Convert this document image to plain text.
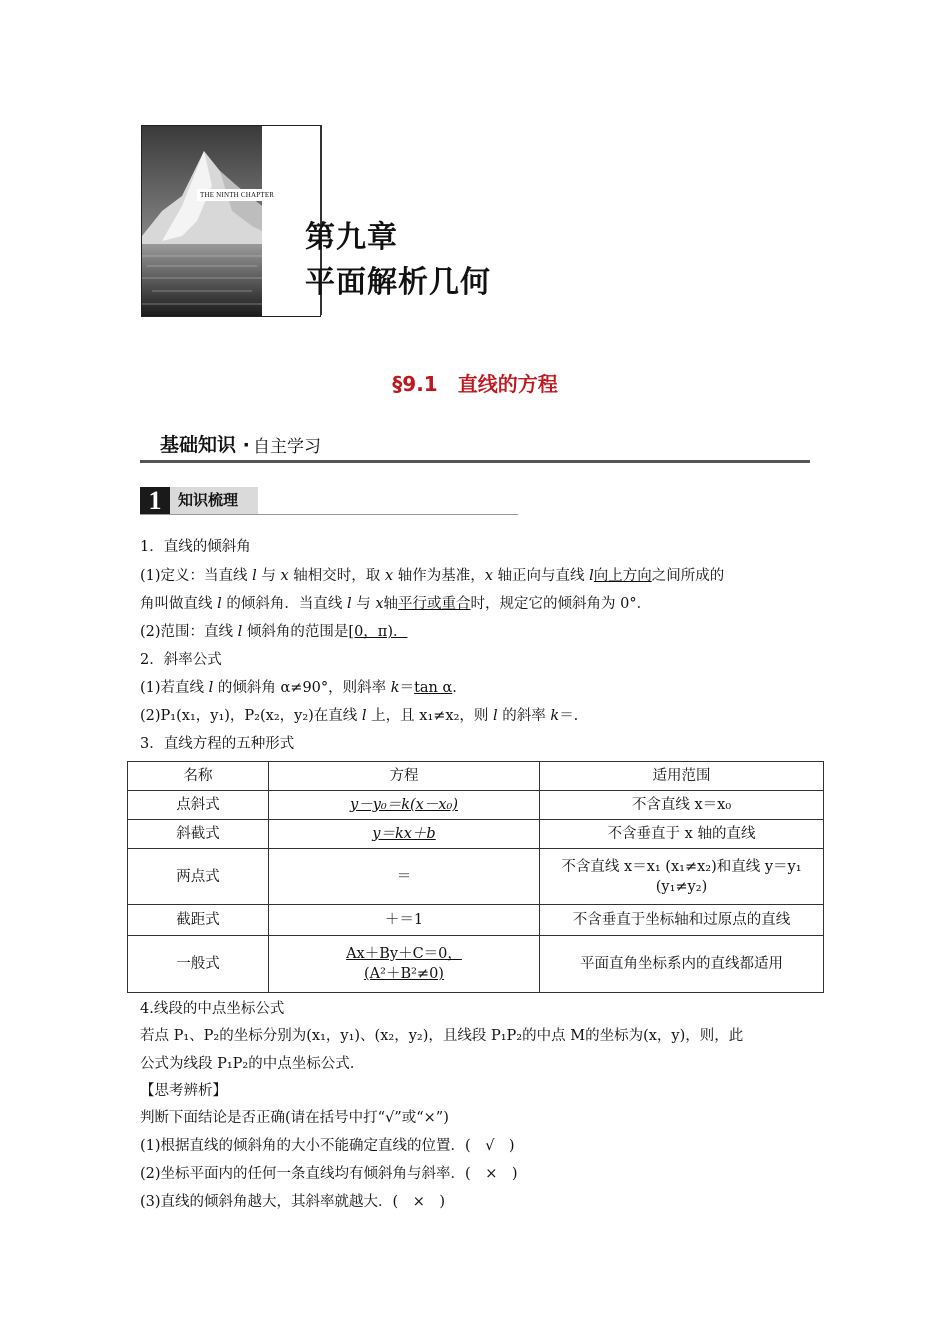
THE NINTH CHAPTER
第九章
平面解析几何
§9.1　直线的方程
基础知识 · 自主学习
1	知识梳理
1．直线的倾斜角
(1)定义：当直线 l 与 x 轴相交时，取 x 轴作为基准，x 轴正向与直线 l向上方向之间所成的
角叫做直线 l 的倾斜角．当直线 l 与 x轴平行或重合时，规定它的倾斜角为 0°．
(2)范围：直线 l 倾斜角的范围是[0，π)．
2．斜率公式
(1)若直线 l 的倾斜角 α≠90°，则斜率 k＝tan α.
(2)P₁(x₁，y₁)，P₂(x₂，y₂)在直线 l 上，且 x₁≠x₂，则 l 的斜率 k＝.
3．直线方程的五种形式
名称	方程	适用范围
点斜式	y－y₀＝k(x－x₀)	不含直线 x＝x₀
斜截式	y＝kx＋b	不含垂直于 x 轴的直线
两点式	＝	不含直线 x＝x₁ (x₁≠x₂)和直线 y＝y₁
(y₁≠y₂)

截距式	＋＝1	不含垂直于坐标轴和过原点的直线
一般式	Ax＋By＋C＝0，
(A²＋B²≠0)	平面直角坐标系内的直线都适用
4.线段的中点坐标公式
若点 P₁、P₂的坐标分别为(x₁，y₁)、(x₂，y₂)，且线段 P₁P₂的中点 M的坐标为(x，y)，则，此
公式为线段 P₁P₂的中点坐标公式.
【思考辨析】
判断下面结论是否正确(请在括号中打“√”或“×”)
(1)根据直线的倾斜角的大小不能确定直线的位置．(　√　)
(2)坐标平面内的任何一条直线均有倾斜角与斜率．(　×　)
(3)直线的倾斜角越大，其斜率就越大．(　×　)
